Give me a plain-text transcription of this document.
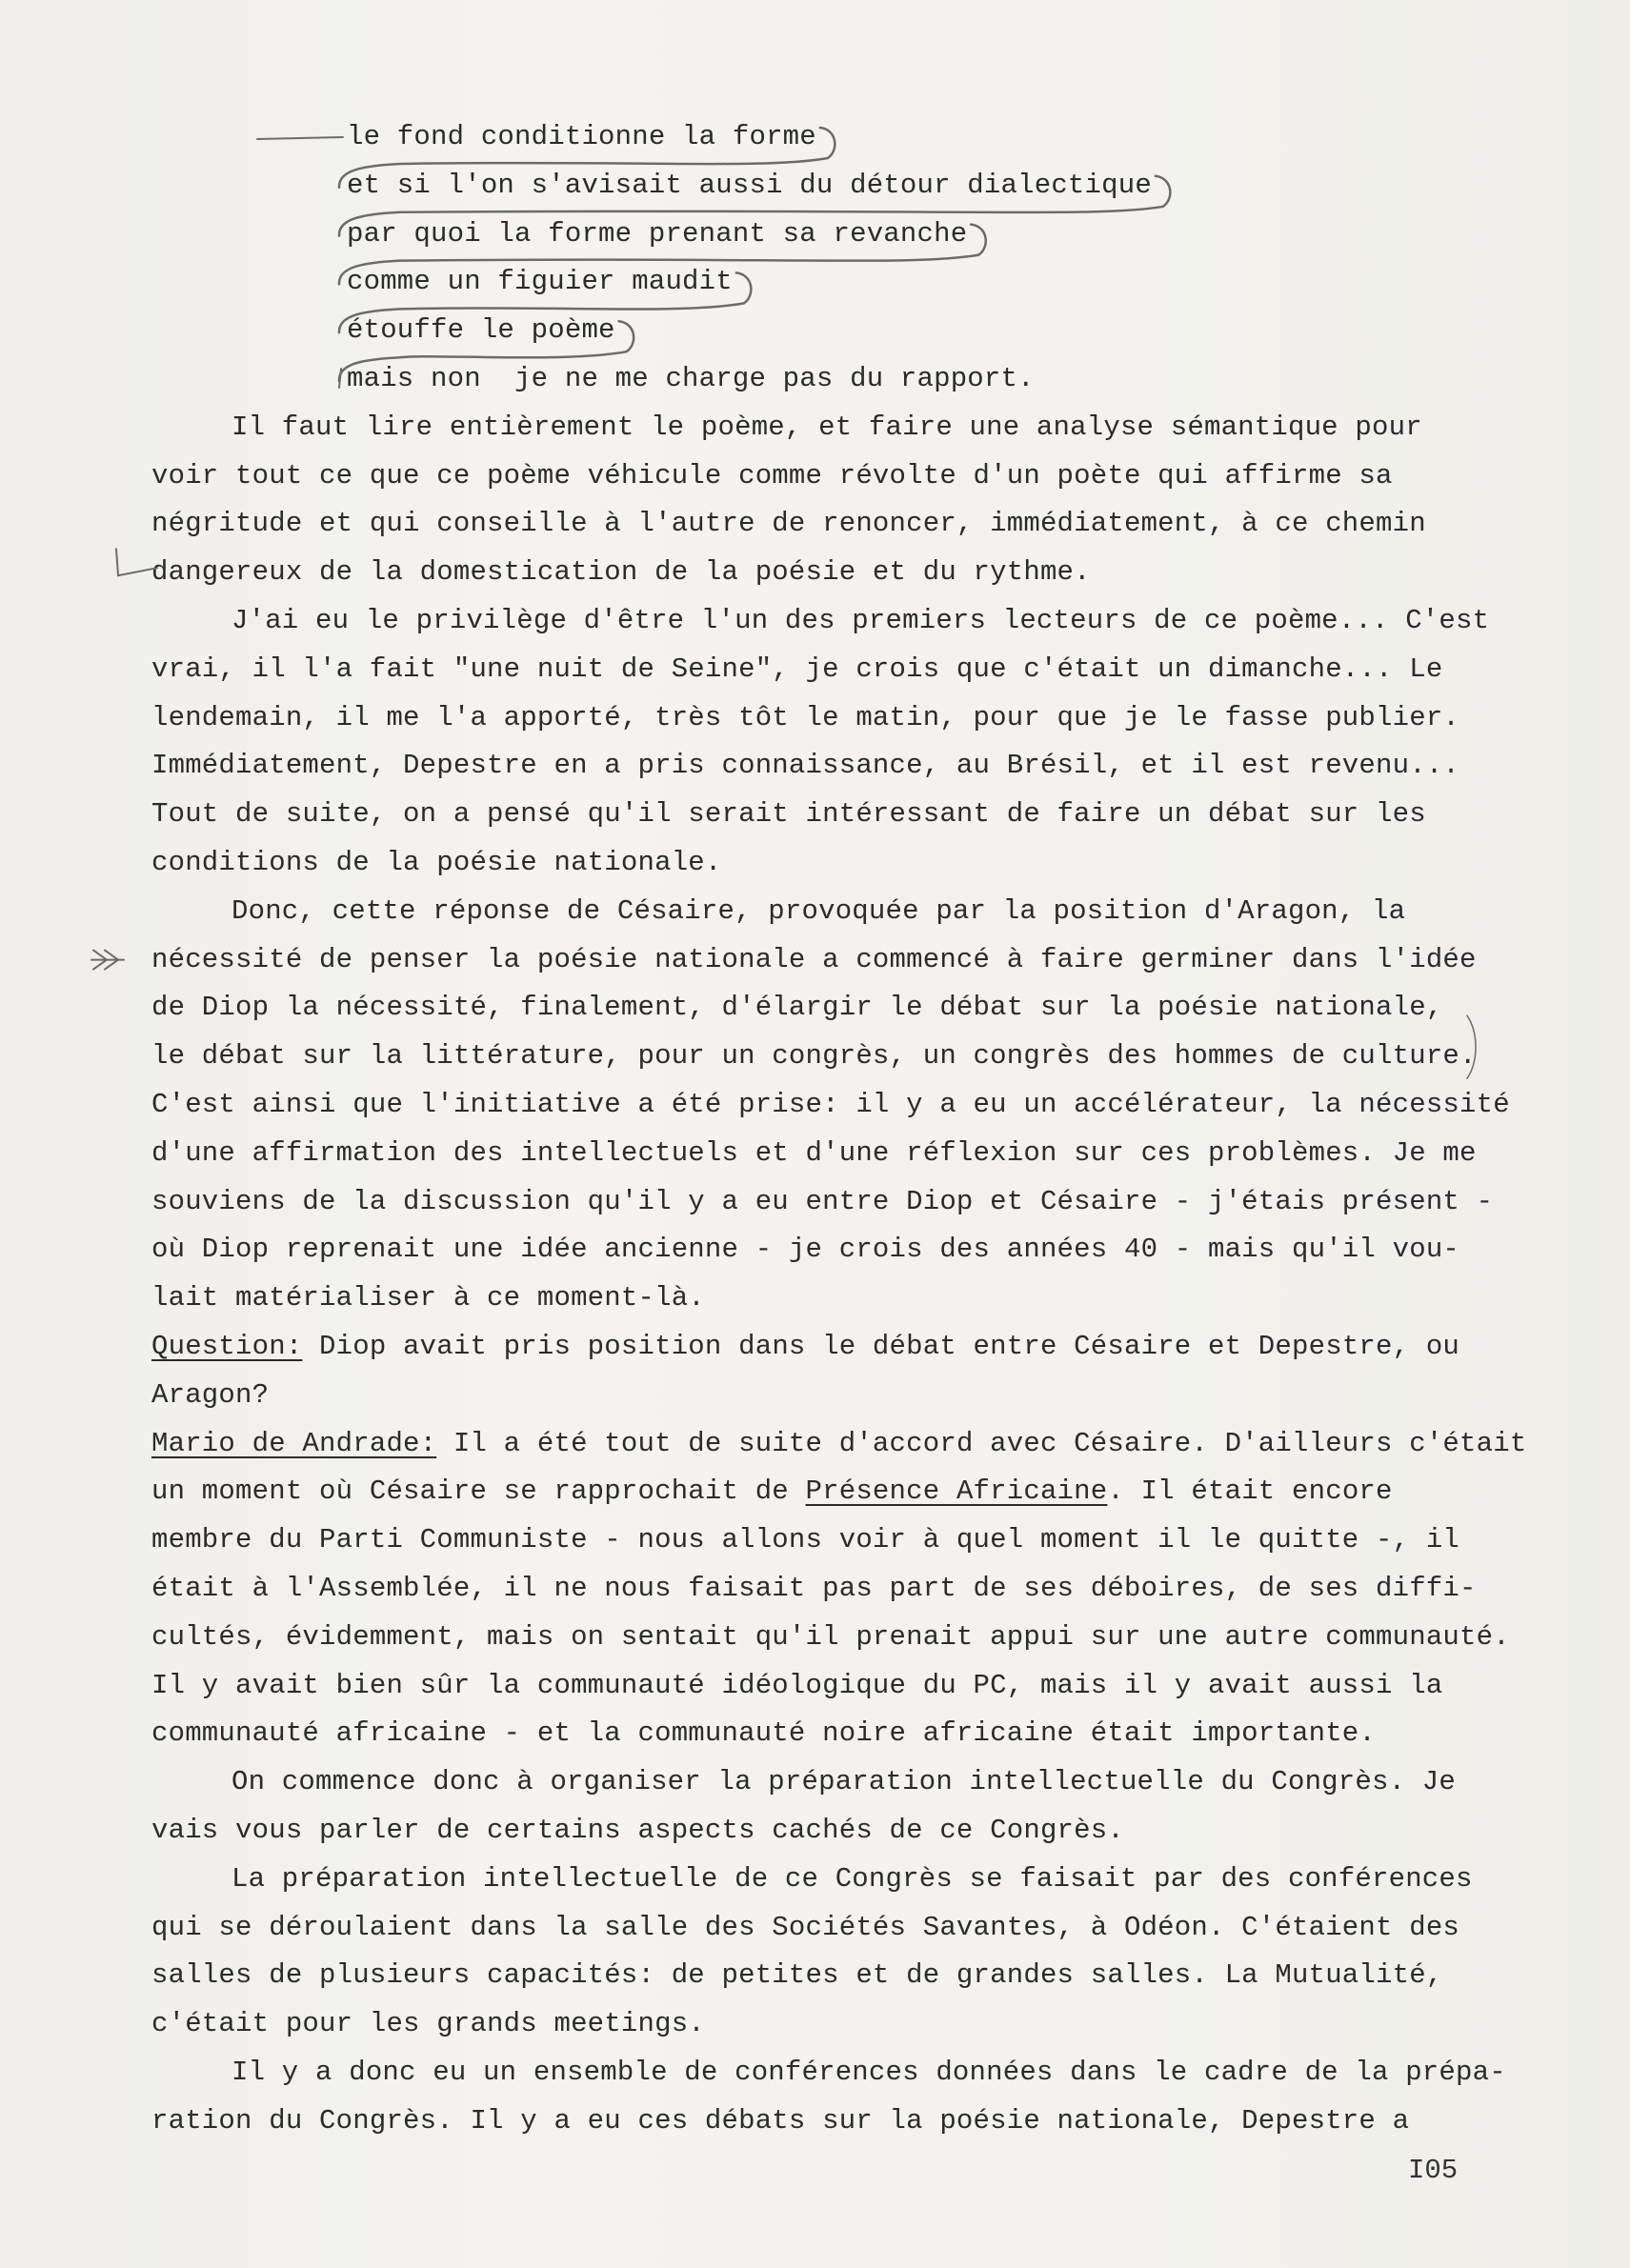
le fond conditionne la forme
et si l'on s'avisait aussi du détour dialectique
par quoi la forme prenant sa revanche
comme un figuier maudit
étouffe le poème
mais non  je ne me charge pas du rapport.
Il faut lire entièrement le poème, et faire une analyse sémantique pour
voir tout ce que ce poème véhicule comme révolte d'un poète qui affirme sa
négritude et qui conseille à l'autre de renoncer, immédiatement, à ce chemin
dangereux de la domestication de la poésie et du rythme.
J'ai eu le privilège d'être l'un des premiers lecteurs de ce poème... C'est
vrai, il l'a fait "une nuit de Seine", je crois que c'était un dimanche... Le
lendemain, il me l'a apporté, très tôt le matin, pour que je le fasse publier.
Immédiatement, Depestre en a pris connaissance, au Brésil, et il est revenu...
Tout de suite, on a pensé qu'il serait intéressant de faire un débat sur les
conditions de la poésie nationale.
Donc, cette réponse de Césaire, provoquée par la position d'Aragon, la
nécessité de penser la poésie nationale a commencé à faire germiner dans l'idée
de Diop la nécessité, finalement, d'élargir le débat sur la poésie nationale,
le débat sur la littérature, pour un congrès, un congrès des hommes de culture.
C'est ainsi que l'initiative a été prise: il y a eu un accélérateur, la nécessité
d'une affirmation des intellectuels et d'une réflexion sur ces problèmes. Je me
souviens de la discussion qu'il y a eu entre Diop et Césaire - j'étais présent -
où Diop reprenait une idée ancienne - je crois des années 40 - mais qu'il vou-
lait matérialiser à ce moment-là.
Question: Diop avait pris position dans le débat entre Césaire et Depestre, ou
Aragon?
Mario de Andrade: Il a été tout de suite d'accord avec Césaire. D'ailleurs c'était
un moment où Césaire se rapprochait de Présence Africaine. Il était encore
membre du Parti Communiste - nous allons voir à quel moment il le quitte -, il
était à l'Assemblée, il ne nous faisait pas part de ses déboires, de ses diffi-
cultés, évidemment, mais on sentait qu'il prenait appui sur une autre communauté.
Il y avait bien sûr la communauté idéologique du PC, mais il y avait aussi la
communauté africaine - et la communauté noire africaine était importante.
On commence donc à organiser la préparation intellectuelle du Congrès. Je
vais vous parler de certains aspects cachés de ce Congrès.
La préparation intellectuelle de ce Congrès se faisait par des conférences
qui se déroulaient dans la salle des Sociétés Savantes, à Odéon. C'étaient des
salles de plusieurs capacités: de petites et de grandes salles. La Mutualité,
c'était pour les grands meetings.
Il y a donc eu un ensemble de conférences données dans le cadre de la prépa-
ration du Congrès. Il y a eu ces débats sur la poésie nationale, Depestre a
I05
